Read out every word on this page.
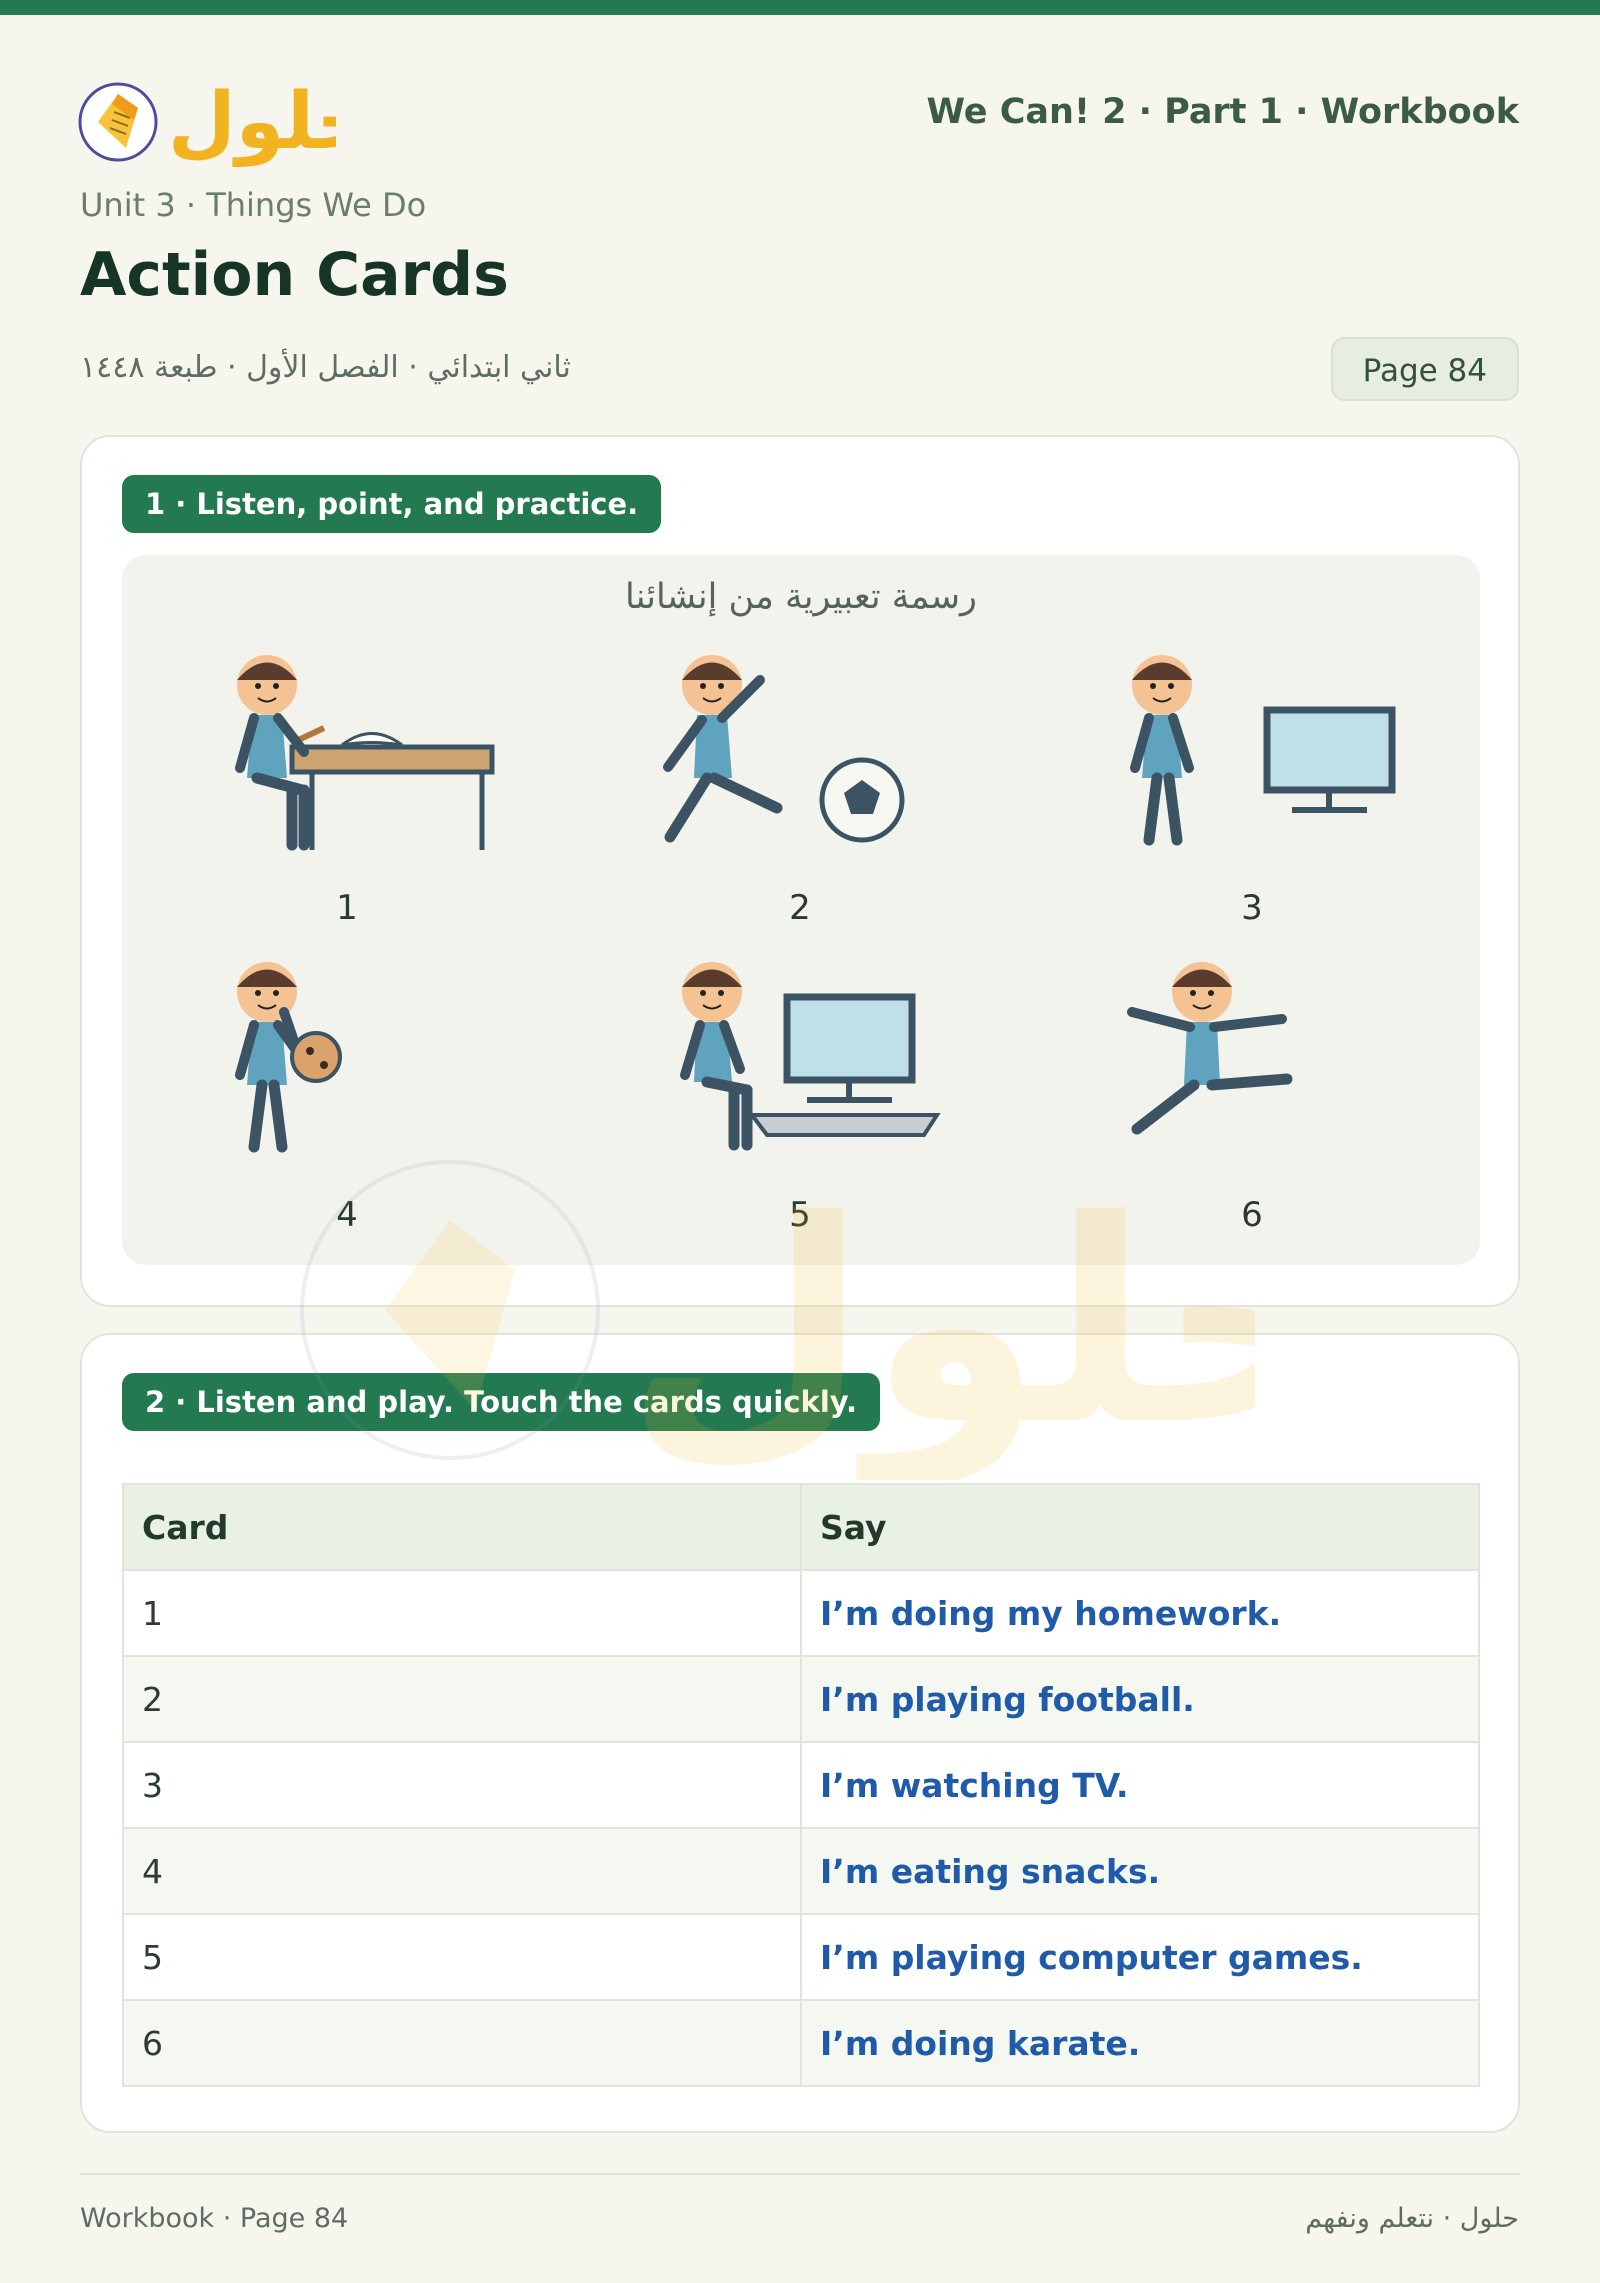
لول	We Can! 2 · Part 1 · Workbook
Unit 3 · Things We Do
Action Cards
ثاني ابتدائي · الفصل الأول · طبعة ١٤٤٨	Page 84
1 · Listen, point, and practice.
رسمة تعبيرية من إنشائنا
1	2	3
4	5	6
2 · Listen and play. Touch the cards quickly.
Card	Say
1	I’m doing my homework.
2	I’m playing football.
3	I’m watching TV.
4	I’m eating snacks.
5	I’m playing computer games.
6	I’m doing karate.
لول
Workbook · Page 84	حلول · نتعلم ونفهم
